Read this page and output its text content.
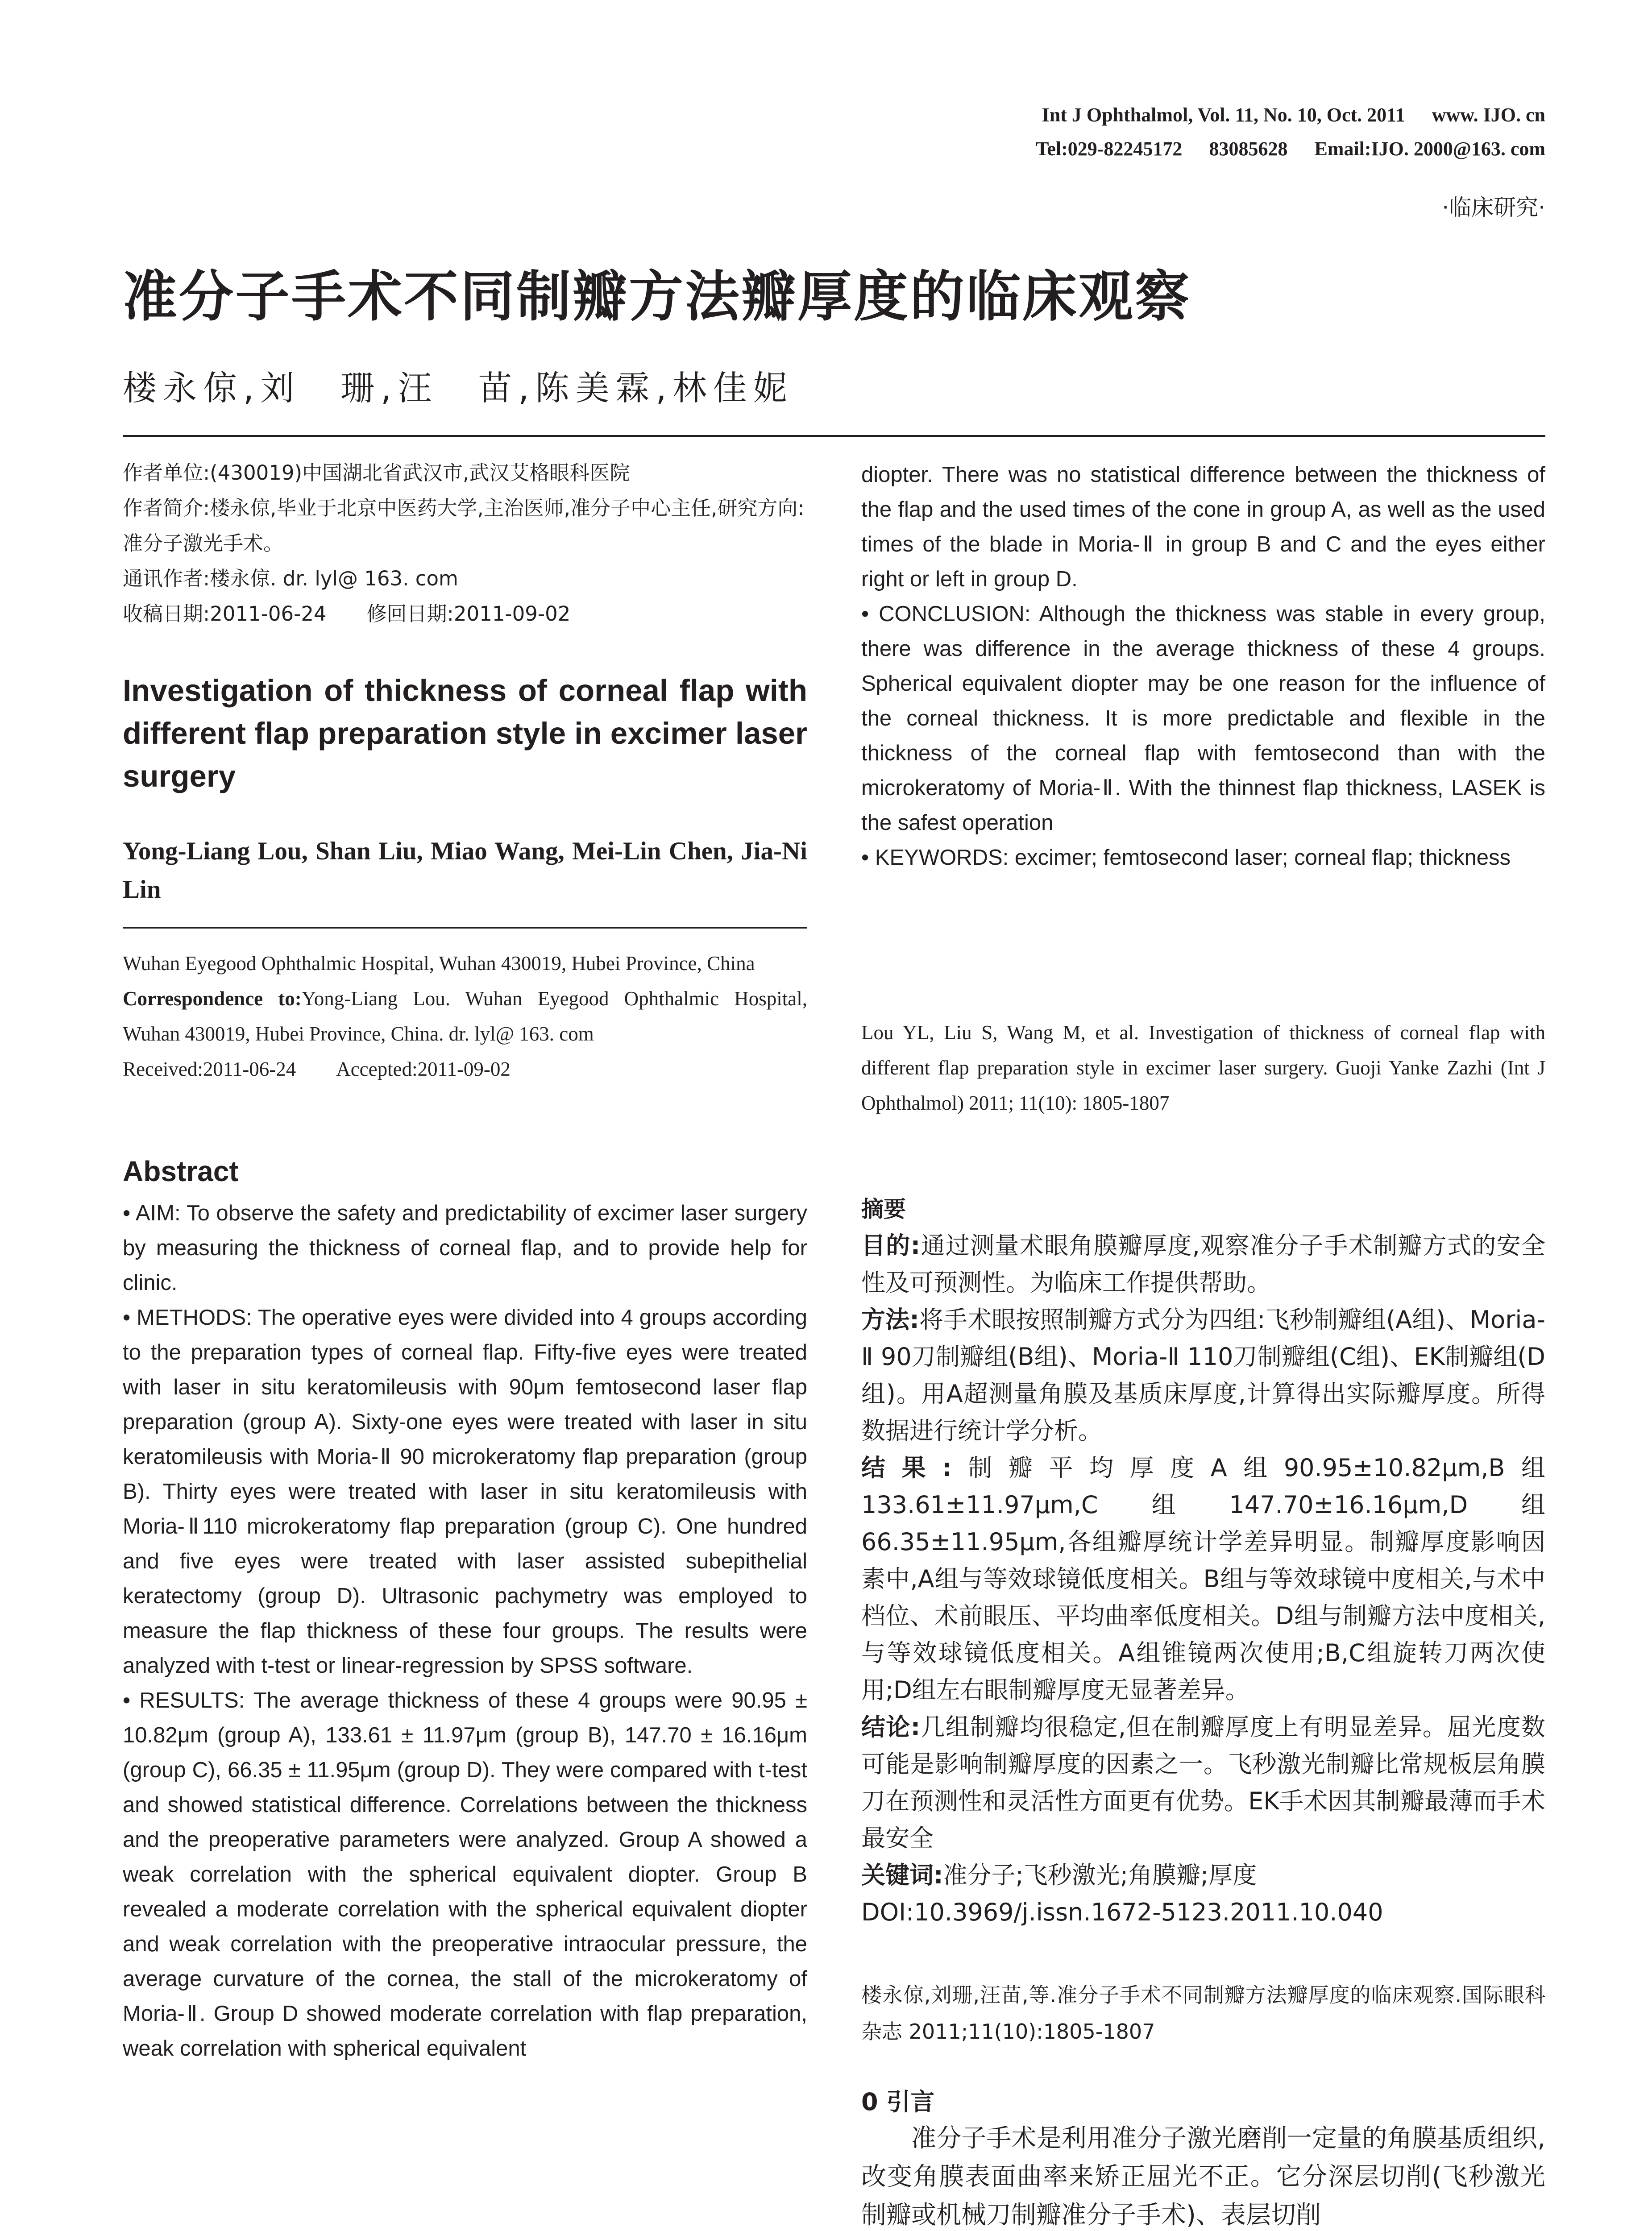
Int J Ophthalmol, Vol. 11, No. 10, Oct. 2011 www. IJO. cn
Tel:029-82245172 83085628 Email:IJO. 2000@163. com
·临床研究·
准分子手术不同制瓣方法瓣厚度的临床观察
楼永倞,刘　珊,汪　苗,陈美霖,林佳妮

作者单位:(430019)中国湖北省武汉市,武汉艾格眼科医院

作者简介:楼永倞,毕业于北京中医药大学,主治医师,准分子中心主任,研究方向:准分子激光手术。

通讯作者:楼永倞. dr. lyl@ 163. com

收稿日期:2011-06-24　　修回日期:2011-09-02

Investigation of thickness of corneal flap with different flap preparation style in excimer laser surgery
Yong-Liang Lou, Shan Liu, Miao Wang, Mei-Lin Chen, Jia-Ni Lin

Wuhan Eyegood Ophthalmic Hospital, Wuhan 430019, Hubei Province, China

Correspondence to:Yong-Liang Lou. Wuhan Eyegood Ophthalmic Hospital, Wuhan 430019, Hubei Province, China. dr. lyl@ 163. com

Received:2011-06-24　　Accepted:2011-09-02

Abstract

• AIM: To observe the safety and predictability of excimer laser surgery by measuring the thickness of corneal flap, and to provide help for clinic.

• METHODS: The operative eyes were divided into 4 groups according to the preparation types of corneal flap. Fifty-five eyes were treated with laser in situ keratomileusis with 90μm femtosecond laser flap preparation (group A). Sixty-one eyes were treated with laser in situ keratomileusis with Moria-Ⅱ 90 microkeratomy flap preparation (group B). Thirty eyes were treated with laser in situ keratomileusis with Moria-Ⅱ110 microkeratomy flap preparation (group C). One hundred and five eyes were treated with laser assisted subepithelial keratectomy (group D). Ultrasonic pachymetry was employed to measure the flap thickness of these four groups. The results were analyzed with t-test or linear-regression by SPSS software.

• RESULTS: The average thickness of these 4 groups were 90.95 ± 10.82μm (group A), 133.61 ± 11.97μm (group B), 147.70 ± 16.16μm (group C), 66.35 ± 11.95μm (group D). They were compared with t-test and showed statistical difference. Correlations between the thickness and the preoperative parameters were analyzed. Group A showed a weak correlation with the spherical equivalent diopter. Group B revealed a moderate correlation with the spherical equivalent diopter and weak correlation with the preoperative intraocular pressure, the average curvature of the cornea, the stall of the microkeratomy of Moria-Ⅱ. Group D showed moderate correlation with flap preparation, weak correlation with spherical equivalent

diopter. There was no statistical difference between the thickness of the flap and the used times of the cone in group A, as well as the used times of the blade in Moria-Ⅱ in group B and C and the eyes either right or left in group D.

• CONCLUSION: Although the thickness was stable in every group, there was difference in the average thickness of these 4 groups. Spherical equivalent diopter may be one reason for the influence of the corneal thickness. It is more predictable and flexible in the thickness of the corneal flap with femtosecond than with the microkeratomy of Moria-Ⅱ. With the thinnest flap thickness, LASEK is the safest operation

• KEYWORDS: excimer; femtosecond laser; corneal flap; thickness

Lou YL, Liu S, Wang M, et al. Investigation of thickness of corneal flap with different flap preparation style in excimer laser surgery. Guoji Yanke Zazhi (Int J Ophthalmol) 2011; 11(10): 1805-1807
摘要

目的:通过测量术眼角膜瓣厚度,观察准分子手术制瓣方式的安全性及可预测性。为临床工作提供帮助。

方法:将手术眼按照制瓣方式分为四组:飞秒制瓣组(A组)、Moria-Ⅱ 90刀制瓣组(B组)、Moria-Ⅱ 110刀制瓣组(C组)、EK制瓣组(D组)。用A超测量角膜及基质床厚度,计算得出实际瓣厚度。所得数据进行统计学分析。

结果:制瓣平均厚度A组90.95±10.82μm,B组133.61±11.97μm,C组147.70±16.16μm,D组66.35±11.95μm,各组瓣厚统计学差异明显。制瓣厚度影响因素中,A组与等效球镜低度相关。B组与等效球镜中度相关,与术中档位、术前眼压、平均曲率低度相关。D组与制瓣方法中度相关,与等效球镜低度相关。A组锥镜两次使用;B,C组旋转刀两次使用;D组左右眼制瓣厚度无显著差异。

结论:几组制瓣均很稳定,但在制瓣厚度上有明显差异。屈光度数可能是影响制瓣厚度的因素之一。飞秒激光制瓣比常规板层角膜刀在预测性和灵活性方面更有优势。EK手术因其制瓣最薄而手术最安全

关键词:准分子;飞秒激光;角膜瓣;厚度

DOI:10.3969/j.issn.1672-5123.2011.10.040

楼永倞,刘珊,汪苗,等.准分子手术不同制瓣方法瓣厚度的临床观察.国际眼科杂志 2011;11(10):1805-1807
0 引言
准分子手术是利用准分子激光磨削一定量的角膜基质组织,改变角膜表面曲率来矫正屈光不正。它分深层切削(飞秒激光制瓣或机械刀制瓣准分子手术)、表层切削
